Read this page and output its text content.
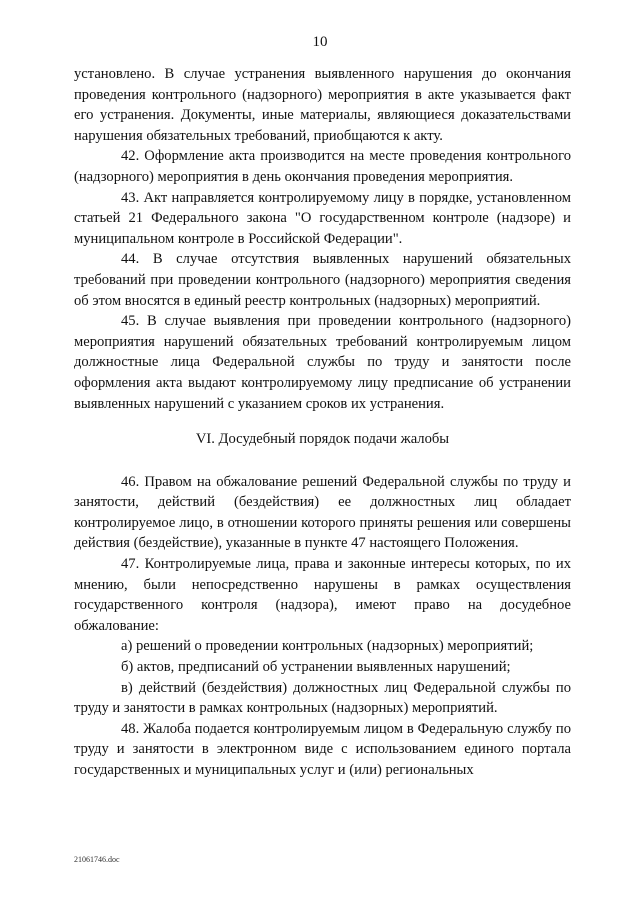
10

установлено. В случае устранения выявленного нарушения до окончания проведения контрольного (надзорного) мероприятия в акте указывается факт его устранения. Документы, иные материалы, являющиеся доказательствами нарушения обязательных требований, приобщаются к акту.

42. Оформление акта производится на месте проведения контрольного (надзорного) мероприятия в день окончания проведения мероприятия.

43. Акт направляется контролируемому лицу в порядке, установленном статьей 21 Федерального закона "О государственном контроле (надзоре) и муниципальном контроле в Российской Федерации".

44. В случае отсутствия выявленных нарушений обязательных требований при проведении контрольного (надзорного) мероприятия сведения об этом вносятся в единый реестр контрольных (надзорных) мероприятий.

45. В случае выявления при проведении контрольного (надзорного) мероприятия нарушений обязательных требований контролируемым лицом должностные лица Федеральной службы по труду и занятости после оформления акта выдают контролируемому лицу предписание об устранении выявленных нарушений с указанием сроков их устранения.

VI. Досудебный порядок подачи жалобы

46. Правом на обжалование решений Федеральной службы по труду и занятости, действий (бездействия) ее должностных лиц обладает контролируемое лицо, в отношении которого приняты решения или совершены действия (бездействие), указанные в пункте 47 настоящего Положения.

47. Контролируемые лица, права и законные интересы которых, по их мнению, были непосредственно нарушены в рамках осуществления государственного контроля (надзора), имеют право на досудебное обжалование:

а) решений о проведении контрольных (надзорных) мероприятий;

б) актов, предписаний об устранении выявленных нарушений;

в) действий (бездействия) должностных лиц Федеральной службы по труду и занятости в рамках контрольных (надзорных) мероприятий.

48. Жалоба подается контролируемым лицом в Федеральную службу по труду и занятости в электронном виде с использованием единого портала государственных и муниципальных услуг и (или) региональных

21061746.doc
